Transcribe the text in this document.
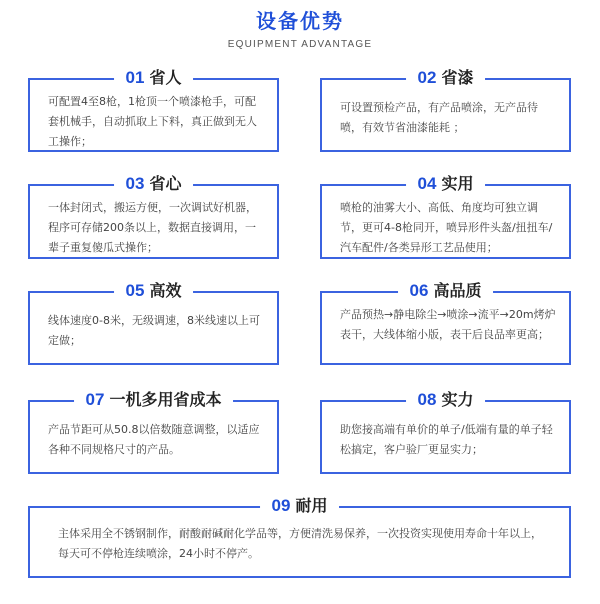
设备优势
EQUIPMENT ADVANTAGE
01 省人
可配置4至8枪，1枪顶一个喷漆枪手，可配套机械手，自动抓取上下料，真正做到无人工操作；
02 省漆
可设置预检产品，有产品喷涂，无产品待喷，有效节省油漆能耗 ；
03 省心
一体封闭式，搬运方便，一次调试好机器，程序可存储200条以上，数据直接调用，一辈子重复傻瓜式操作；
04 实用
喷枪的油雾大小、高低、角度均可独立调节，更可4-8枪同开，喷异形件头盔/扭扭车/汽车配件/各类异形工艺品使用；
05 高效
线体速度0-8米，无级调速，8米线速以上可定做；
06 高品质
产品预热→静电除尘→喷涂→流平→20m烤炉表干，大线体缩小版，表干后良品率更高；
07 一机多用省成本
产品节距可从50.8以倍数随意调整，以适应各种不同规格尺寸的产品。
08 实力
助您接高端有单价的单子/低端有量的单子轻松搞定，客户验厂更显实力；
09 耐用
主体采用全不锈钢制作，耐酸耐碱耐化学品等，方便清洗易保养，一次投资实现使用寿命十年以上，每天可不停枪连续喷涂，24小时不停产。
